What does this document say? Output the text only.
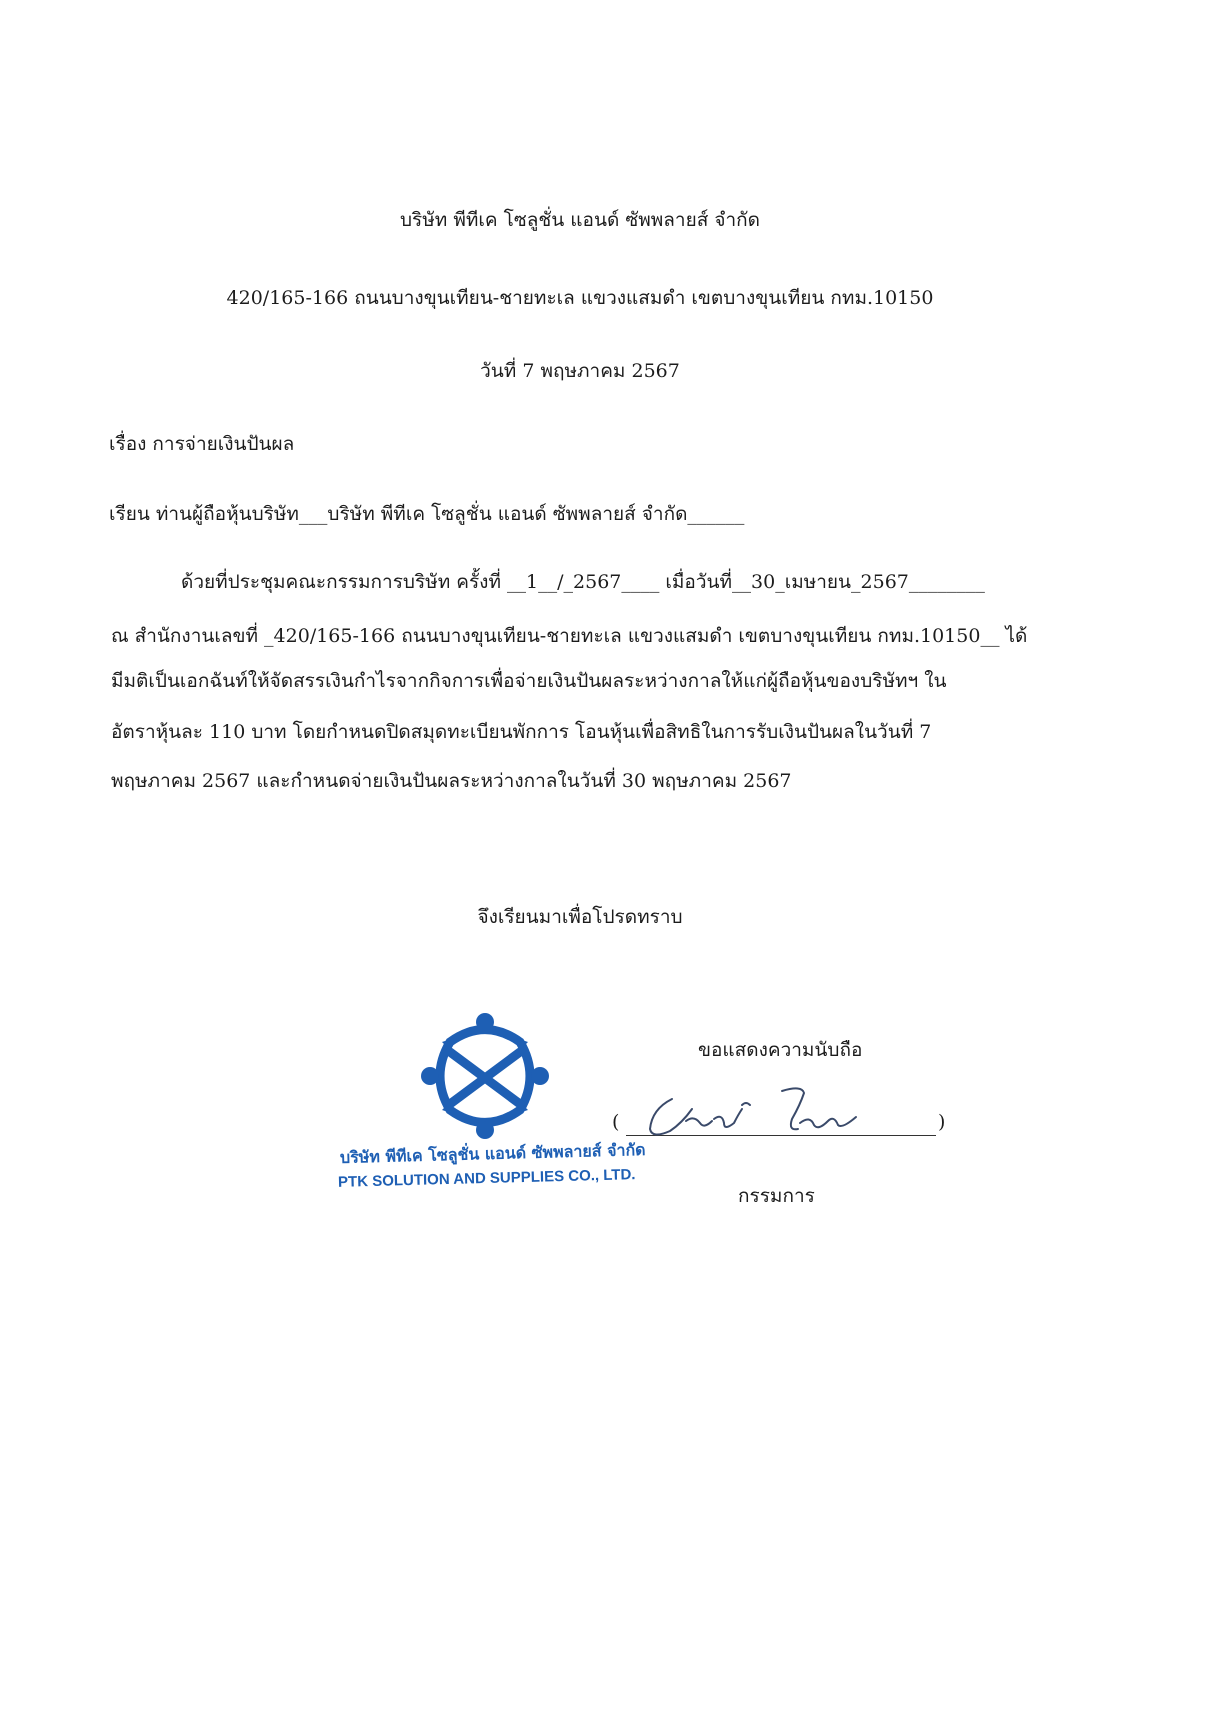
บริษัท พีทีเค โซลูชั่น แอนด์ ซัพพลายส์ จำกัด
420/165-166 ถนนบางขุนเทียน-ชายทะเล แขวงแสมดำ เขตบางขุนเทียน กทม.10150
วันที่ 7 พฤษภาคม 2567
เรื่อง การจ่ายเงินปันผล
เรียน ท่านผู้ถือหุ้นบริษัท___บริษัท พีทีเค โซลูชั่น แอนด์ ซัพพลายส์ จำกัด______
ด้วยที่ประชุมคณะกรรมการบริษัท ครั้งที่ __1__/_2567____ เมื่อวันที่__30_เมษายน_2567________
ณ สำนักงานเลขที่ _420/165-166 ถนนบางขุนเทียน-ชายทะเล แขวงแสมดำ เขตบางขุนเทียน กทม.10150__ ได้
มีมติเป็นเอกฉันท์ให้จัดสรรเงินกำไรจากกิจการเพื่อจ่ายเงินปันผลระหว่างกาลให้แก่ผู้ถือหุ้นของบริษัทฯ ใน
อัตราหุ้นละ 110 บาท โดยกำหนดปิดสมุดทะเบียนพักการ โอนหุ้นเพื่อสิทธิในการรับเงินปันผลในวันที่ 7
พฤษภาคม 2567 และกำหนดจ่ายเงินปันผลระหว่างกาลในวันที่ 30 พฤษภาคม 2567
จึงเรียนมาเพื่อโปรดทราบ
บริษัท พีทีเค โซลูชั่น แอนด์ ซัพพลายส์ จำกัด
PTK SOLUTION AND SUPPLIES CO., LTD.
ขอแสดงความนับถือ
(	)
กรรมการ
